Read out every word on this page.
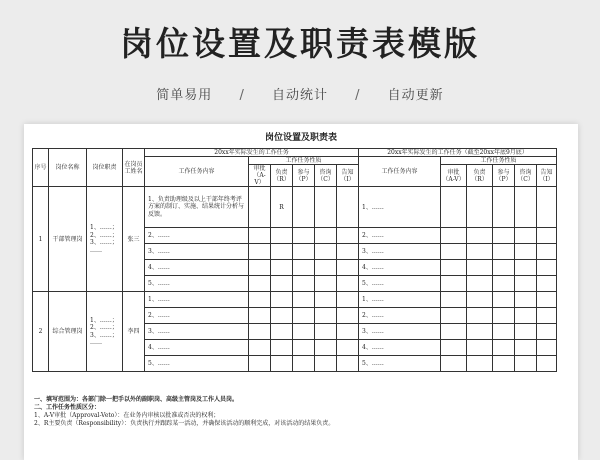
岗位设置及职责表模版
简单易用 / 自动统计 / 自动更新
岗位设置及职责表
序号	岗位名称	岗位职责	在岗员工姓名	20xx年实际发生的工作任务						20xx年实际发生的工作任务（截至20xx年底9月底）					
				工作任务内容	工作任务性质					工作任务内容	工作任务性质				
					审批（A-V）	负责（R）	参与（P）	咨询（C）	告知（I）		审批（A-V）	负责（R）	参与（P）	咨询（C）	告知（I）
1	干部管理岗	1、……；
2、……；
3、……；
……	张三	1、负责助理级及以上干部年终考评方案的制订、实施、结果统计分析与反馈。		R				1、……					
				2、……						2、……					
				3、……						3、……					
				4、……						4、……					
				5、……						5、……					
2	综合管理岗	1、……；
2、……；
3、……；
……	李四	1、……						1、……					
				2、……						2、……					
				3、……						3、……					
				4、……						4、……					
				5、……						5、……					
一、填写范围为：各部门除一把手以外的副职岗、高级主管岗及工作人员岗。
二、工作任务性质区分：
1、A-V审批（Approval-Veto）：在业务内审核以批准或否决的权利；
2、R主要负责（Responsibility）：负责执行并跟踪某一活动，并确保该活动的顺利完成，对该活动的结果负责。
